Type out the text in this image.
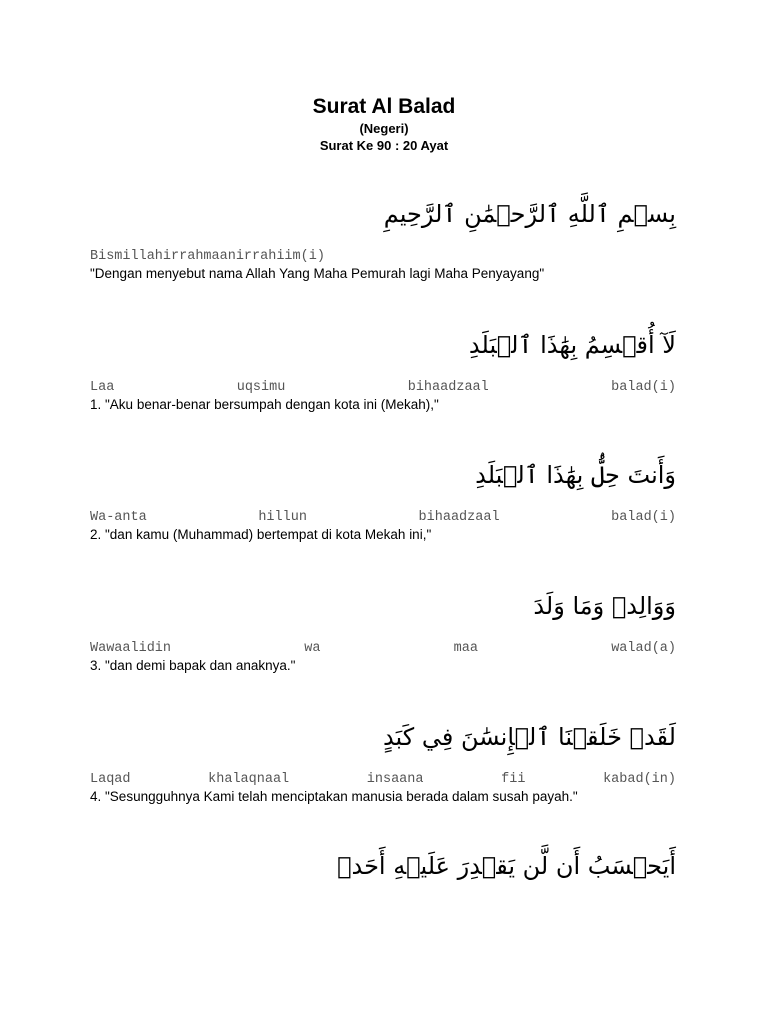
Surat Al Balad
(Negeri)
Surat Ke 90 : 20 Ayat
بِسۡمِ ٱللَّهِ ٱلرَّحۡمَٰنِ ٱلرَّحِيمِ
Bismillahirrahmaanirrahiim(i)
"Dengan menyebut nama Allah Yang Maha Pemurah lagi Maha Penyayang"
لَآ أُقۡسِمُ بِهَٰذَا ٱلۡبَلَدِ
Laa	uqsimu	bihaadzaal	balad(i)
1. "Aku benar-benar bersumpah dengan kota ini (Mekah),"
وَأَنتَ حِلُّۢ بِهَٰذَا ٱلۡبَلَدِ
Wa-anta	hillun	bihaadzaal	balad(i)
2. "dan kamu (Muhammad) bertempat di kota Mekah ini,"
وَوَالِدٖ وَمَا وَلَدَ
Wawaalidin	wa	maa	walad(a)
3. "dan demi bapak dan anaknya."
لَقَدۡ خَلَقۡنَا ٱلۡإِنسَٰنَ فِي كَبَدٍ
Laqad	khalaqnaal	insaana	fii	kabad(in)
4. "Sesungguhnya Kami telah menciptakan manusia berada dalam susah payah."
أَيَحۡسَبُ أَن لَّن يَقۡدِرَ عَلَيۡهِ أَحَدٞ
